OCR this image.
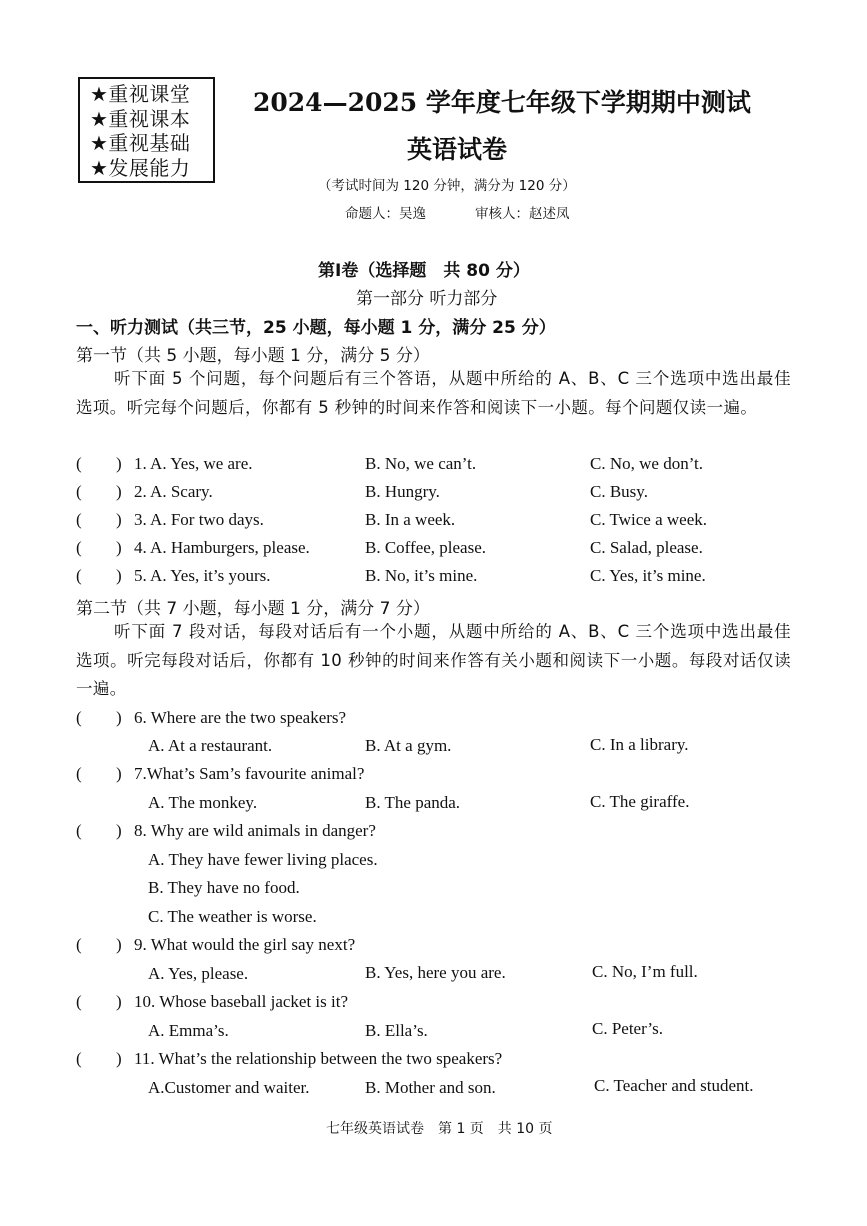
★重视课堂
★重视课本
★重视基础
★发展能力
2024—2025 学年度七年级下学期期中测试
英语试卷
（考试时间为 120 分钟，满分为 120 分）
命题人：吴逸	审核人：赵述凤
第Ⅰ卷（选择题　共 80 分）
第一部分 听力部分
一、听力测试（共三节，25 小题，每小题 1 分，满分 25 分）
第一节（共 5 小题，每小题 1 分，满分 5 分）
听下面 5 个问题，每个问题后有三个答语，从题中所给的 A、B、C 三个选项中选出最佳选项。听完每个问题后，你都有 5 秒钟的时间来作答和阅读下一小题。每个问题仅读一遍。
( ) 1. A. Yes, we are.	B. No, we can’t.	C. No, we don’t.
( ) 2. A. Scary.	B. Hungry.	C. Busy.
( ) 3. A. For two days.	B. In a week.	C. Twice a week.
( ) 4. A. Hamburgers, please.	B. Coffee, please.	C. Salad, please.
( ) 5. A. Yes, it’s yours.	B. No, it’s mine.	C. Yes, it’s mine.
第二节（共 7 小题，每小题 1 分，满分 7 分）
听下面 7 段对话，每段对话后有一个小题，从题中所给的 A、B、C 三个选项中选出最佳选项。听完每段对话后，你都有 10 秒钟的时间来作答有关小题和阅读下一小题。每段对话仅读一遍。
( ) 6. Where are the two speakers?
A. At a restaurant.	B. At a gym.	C. In a library.
( ) 7.What’s Sam’s favourite animal?
A. The monkey.	B. The panda.	C. The giraffe.
( ) 8. Why are wild animals in danger?
A. They have fewer living places.
B. They have no food.
C. The weather is worse.
( ) 9. What would the girl say next?
A. Yes, please.	B. Yes, here you are.	C. No, I’m full.
( ) 10. Whose baseball jacket is it?
A. Emma’s.	B. Ella’s.	C. Peter’s.
( ) 11. What’s the relationship between the two speakers?
A.Customer and waiter.	B. Mother and son.	C. Teacher and student.
七年级英语试卷　第 1 页　共 10 页
